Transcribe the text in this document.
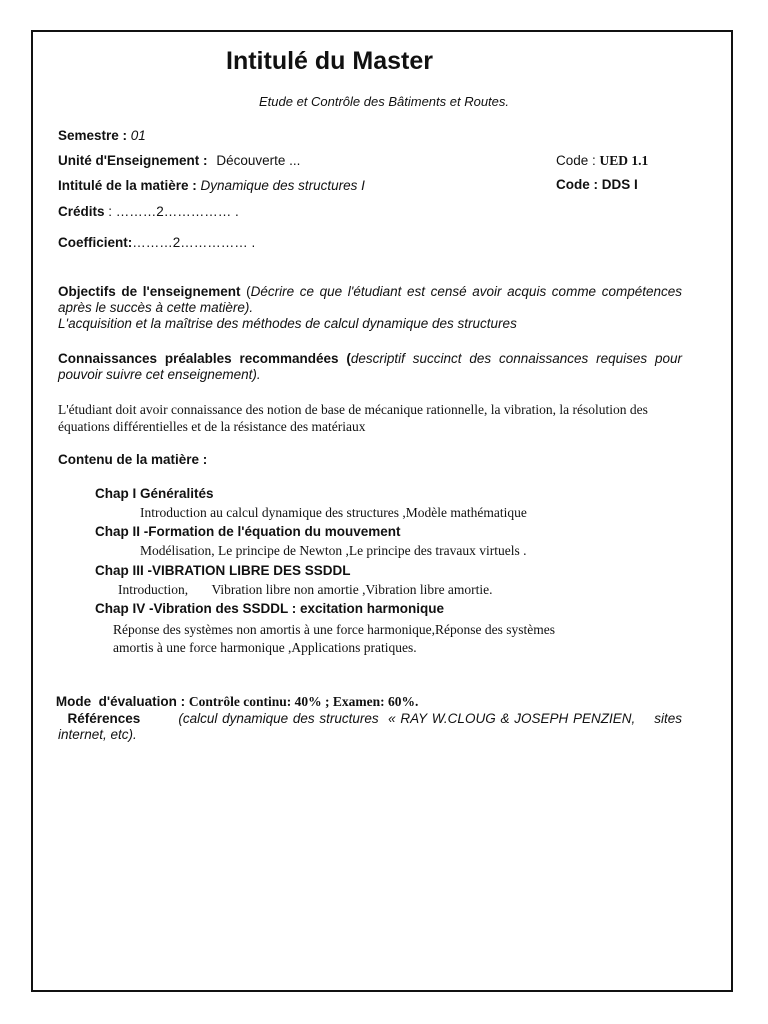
Intitulé du Master
Etude et Contrôle des Bâtiments et Routes.
Semestre : 01
Unité d'Enseignement : Découverte ...	Code : UED 1.1
Intitulé de la matière : Dynamique des structures I	Code : DDS I
Crédits : ………2…………… .
Coefficient:………2…………… .
Objectifs de l'enseignement (Décrire ce que l'étudiant est censé avoir acquis comme compétences après le succès à cette matière).
L'acquisition et la maîtrise des méthodes de calcul dynamique des structures
Connaissances préalables recommandées (descriptif succinct des connaissances requises pour pouvoir suivre cet enseignement).
L'étudiant doit avoir connaissance des notion de base de mécanique rationnelle, la vibration, la résolution des équations différentielles et de la résistance des matériaux
Contenu de la matière :
Chap I Généralités
Introduction au calcul dynamique des structures ,Modèle mathématique
Chap II -Formation de l'équation du mouvement
Modélisation, Le principe de Newton ,Le principe des travaux virtuels .
Chap III -VIBRATION LIBRE DES SSDDL
Introduction,       Vibration libre non amortie ,Vibration libre amortie.
Chap IV -Vibration des SSDDL : excitation harmonique
Réponse des systèmes non amortis à une force harmonique,Réponse des systèmes
amortis à une force harmonique ,Applications pratiques.

Mode  d'évaluation : Contrôle continu: 40% ; Examen: 60%.

Références	(calcul dynamique des structures  « RAY W.CLOUG & JOSEPH PENZIEN,    sites internet, etc).
